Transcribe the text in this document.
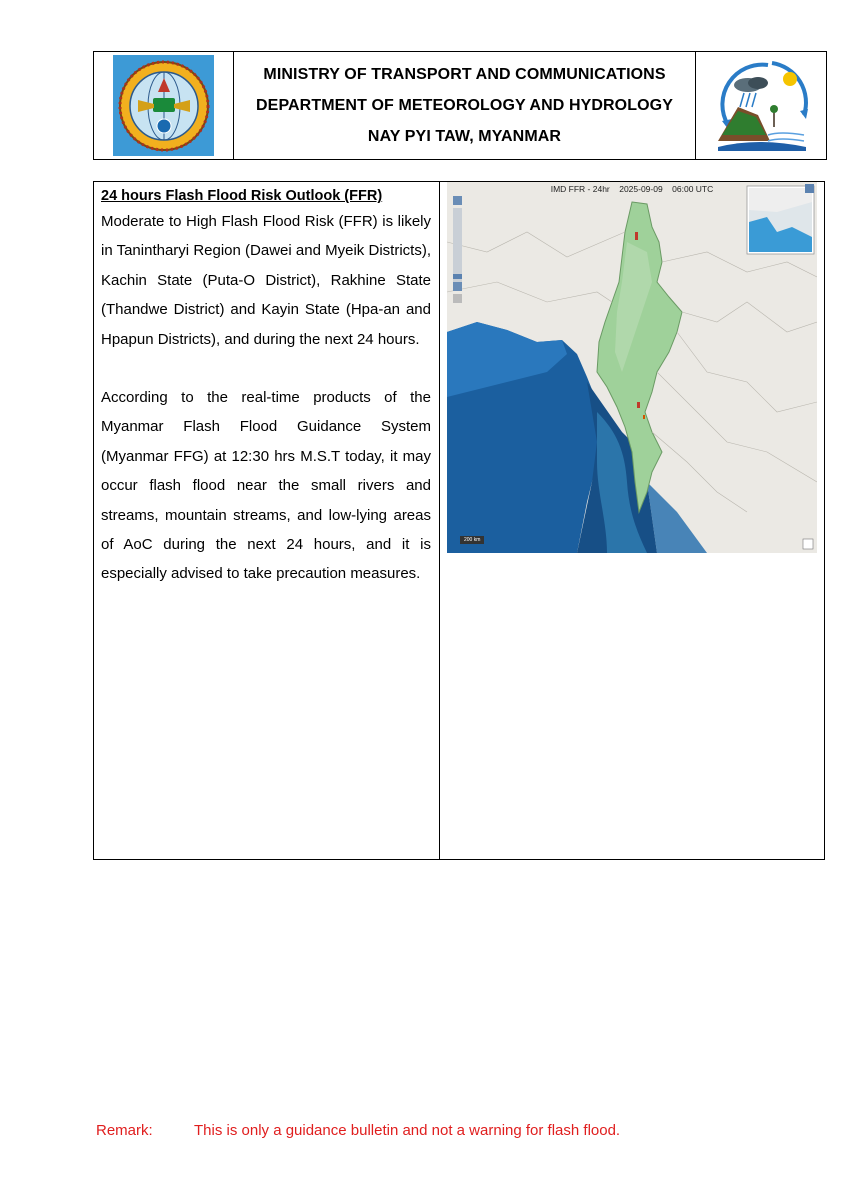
MINISTRY OF TRANSPORT AND COMMUNICATIONS
DEPARTMENT OF METEOROLOGY AND HYDROLOGY
NAY PYI TAW, MYANMAR

24 hours Flash Flood Risk Outlook (FFR)

Moderate to High Flash Flood Risk (FFR) is likely in Tanintharyi Region (Dawei and Myeik Districts), Kachin State (Puta-O District), Rakhine State (Thandwe District) and Kayin State (Hpa-an and Hpapun Districts), and during the next 24 hours.

According to the real-time products of the Myanmar Flash Flood Guidance System (Myanmar FFG) at 12:30 hrs M.S.T today, it may occur flash flood near the small rivers and streams, mountain streams, and low-lying areas of AoC during the next 24 hours, and it is especially advised to take precaution measures.

IMD FFR - 24hr 2025-09-09 06:00 UTC
200 km
Remark:	This is only a guidance bulletin and not a warning for flash flood.
